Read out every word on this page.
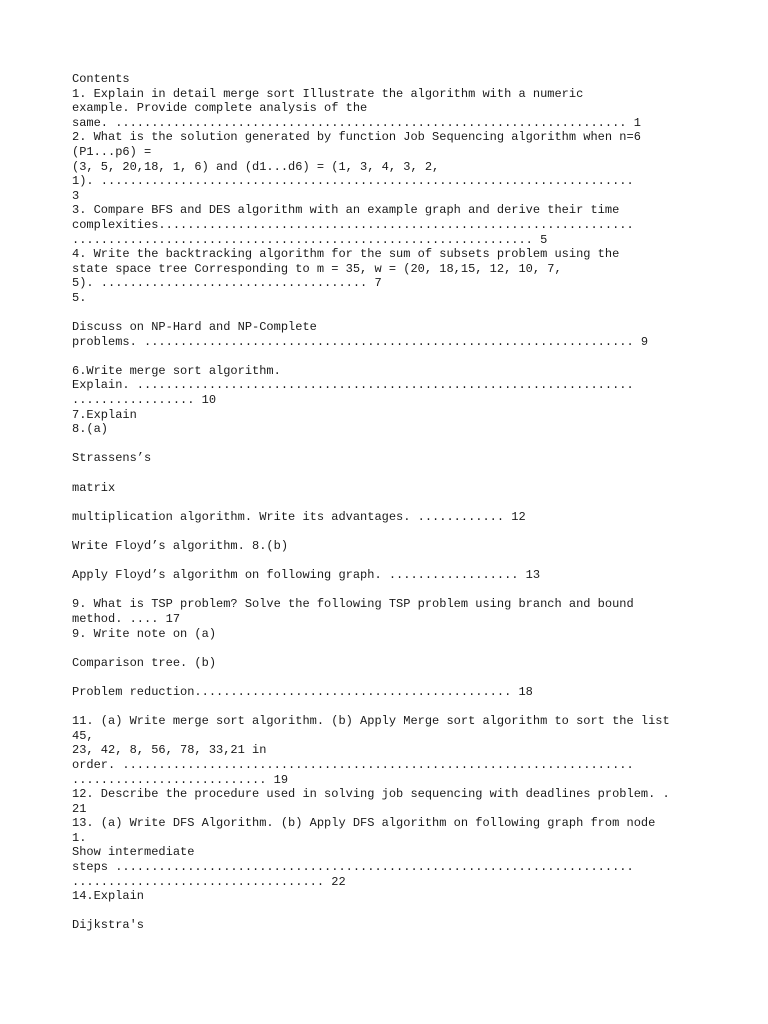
Contents
1. Explain in detail merge sort Illustrate the algorithm with a numeric
example. Provide complete analysis of the
same. ....................................................................... 1
2. What is the solution generated by function Job Sequencing algorithm when n=6
(P1...p6) =
(3, 5, 20,18, 1, 6) and (d1...d6) = (1, 3, 4, 3, 2,
1). ..........................................................................
3
3. Compare BFS and DES algorithm with an example graph and derive their time
complexities..................................................................
................................................................ 5
4. Write the backtracking algorithm for the sum of subsets problem using the
state space tree Corresponding to m = 35, w = (20, 18,15, 12, 10, 7,
5). ..................................... 7
5.
Discuss on NP-Hard and NP-Complete
problems. .................................................................... 9
6.Write merge sort algorithm.
Explain. .....................................................................
................. 10
7.Explain
8.(a)
Strassens’s
matrix
multiplication algorithm. Write its advantages. ............ 12
Write Floyd’s algorithm. 8.(b)
Apply Floyd’s algorithm on following graph. .................. 13
9. What is TSP problem? Solve the following TSP problem using branch and bound
method. .... 17
9. Write note on (a)
Comparison tree. (b)
Problem reduction............................................ 18
11. (a) Write merge sort algorithm. (b) Apply Merge sort algorithm to sort the list
45,
23, 42, 8, 56, 78, 33,21 in
order. .......................................................................
........................... 19
12. Describe the procedure used in solving job sequencing with deadlines problem. .
21
13. (a) Write DFS Algorithm. (b) Apply DFS algorithm on following graph from node
1.
Show intermediate
steps ........................................................................
................................... 22
14.Explain
Dijkstra's
